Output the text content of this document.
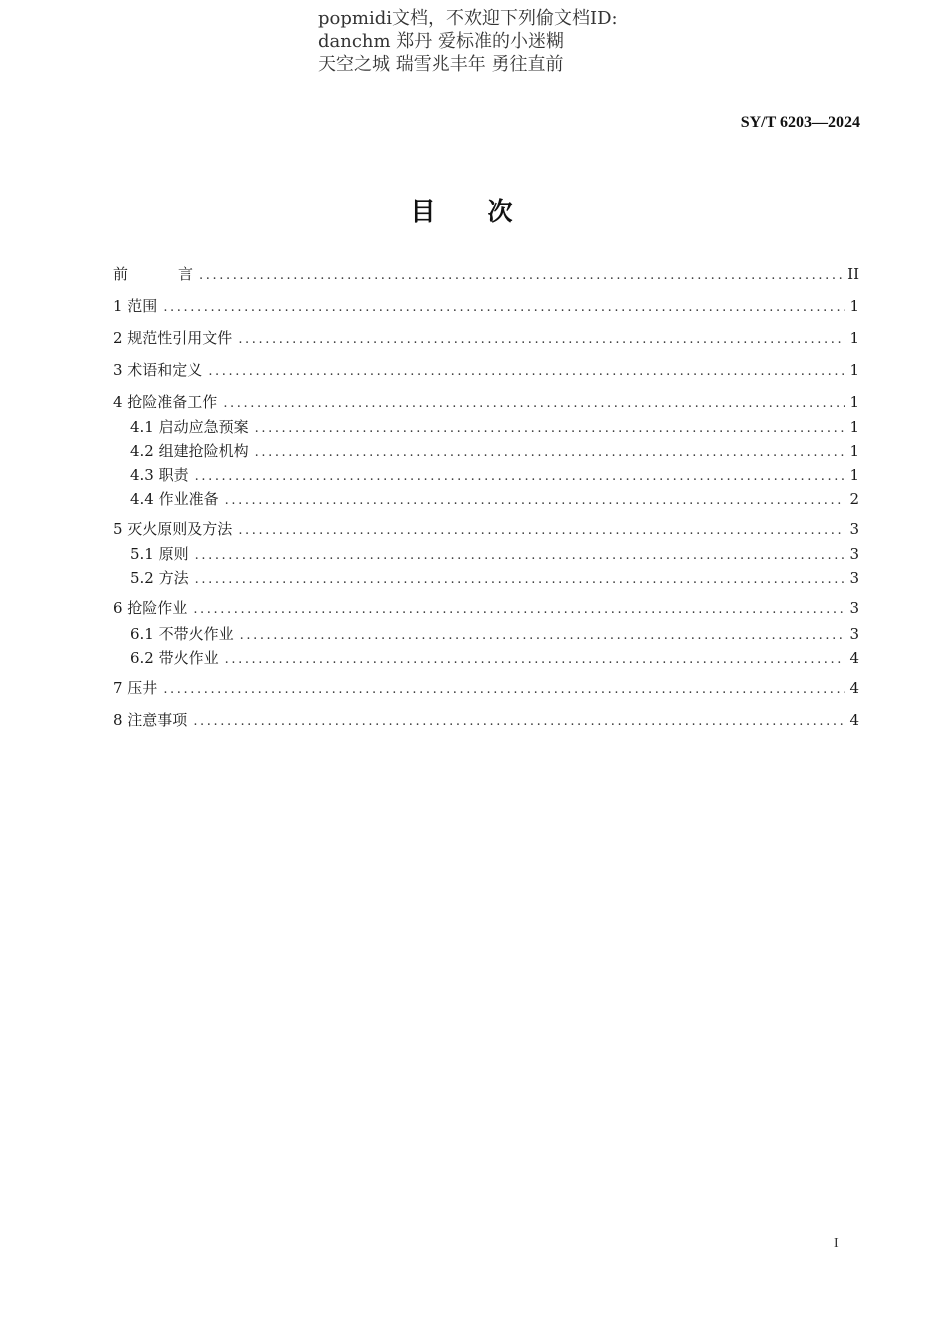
popmidi文档，不欢迎下列偷文档ID:
danchm 郑丹 爱标准的小迷糊
天空之城 瑞雪兆丰年 勇往直前
SY/T 6203—2024
目次
前	言 .....	II
1 范围 .....	1
2 规范性引用文件 .....	1
3 术语和定义 .....	1
4 抢险准备工作 .....	1
4.1 启动应急预案 .....	1
4.2 组建抢险机构 .....	1
4.3 职责 .....	1
4.4 作业准备 .....	2
5 灭火原则及方法 .....	3
5.1 原则 .....	3
5.2 方法 .....	3
6 抢险作业 .....	3
6.1 不带火作业 .....	3
6.2 带火作业 .....	4
7 压井 .....	4
8 注意事项 .....	4
I
